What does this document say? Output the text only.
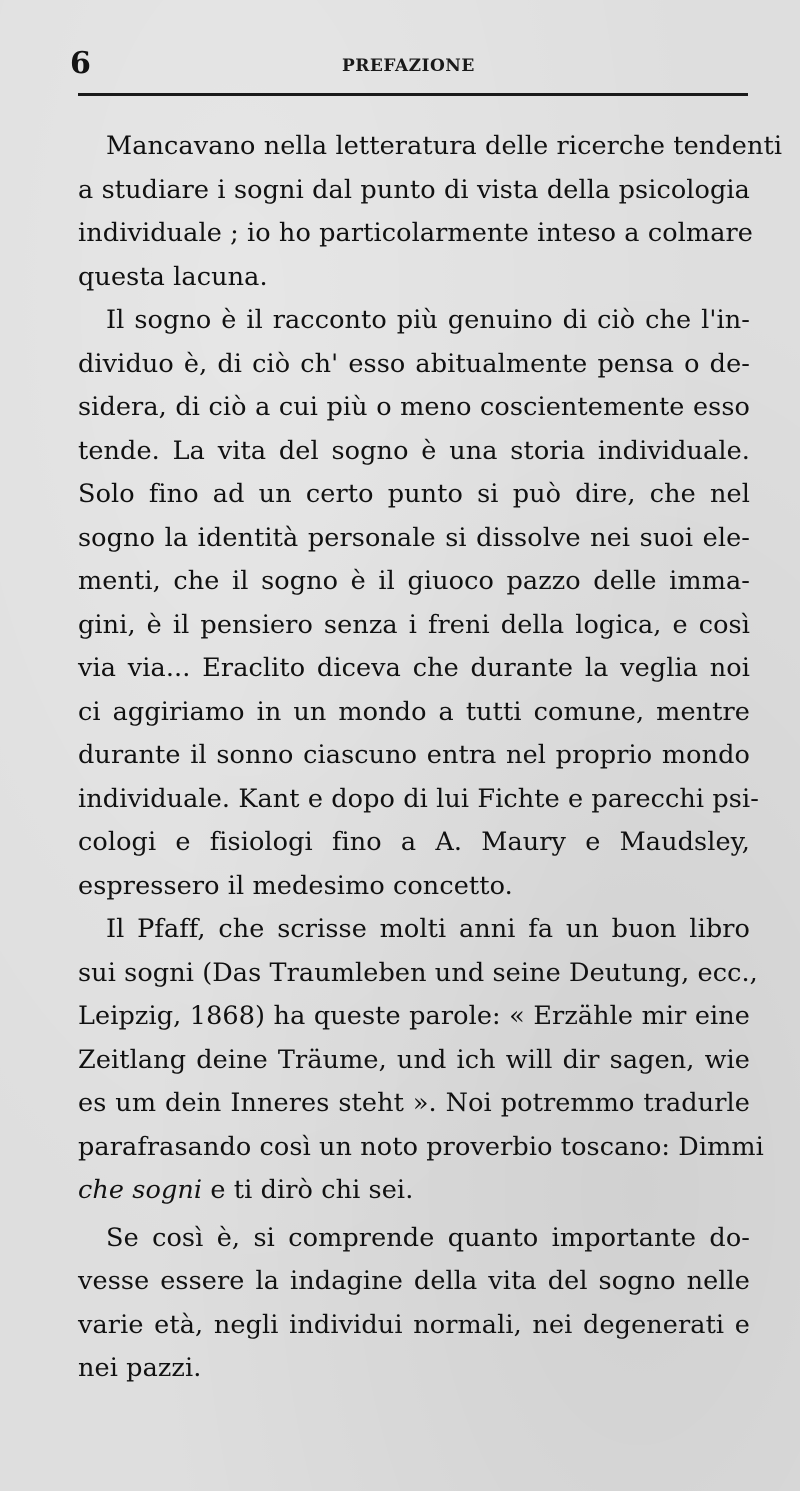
6	PREFAZIONE
Mancavano nella letteratura delle ricerche tendenti
a studiare i sogni dal punto di vista della psicologia
individuale ; io ho particolarmente inteso a colmare
questa lacuna.
Il sogno è il racconto più genuino di ciò che l'in-
dividuo è, di ciò ch' esso abitualmente pensa o de-
sidera, di ciò a cui più o meno coscientemente esso
tende. La vita del sogno è una storia individuale.
Solo fino ad un certo punto si può dire, che nel
sogno la identità personale si dissolve nei suoi ele-
menti, che il sogno è il giuoco pazzo delle imma-
gini, è il pensiero senza i freni della logica, e così
via via... Eraclito diceva che durante la veglia noi
ci aggiriamo in un mondo a tutti comune, mentre
durante il sonno ciascuno entra nel proprio mondo
individuale. Kant e dopo di lui Fichte e parecchi psi-
cologi e fisiologi fino a A. Maury e Maudsley,
espressero il medesimo concetto.
Il Pfaff, che scrisse molti anni fa un buon libro
sui sogni (Das Traumleben und seine Deutung, ecc.,
Leipzig, 1868) ha queste parole: « Erzähle mir eine
Zeitlang deine Träume, und ich will dir sagen, wie
es um dein Inneres steht ». Noi potremmo tradurle
parafrasando così un noto proverbio toscano: Dimmi
che sogni e ti dirò chi sei.
Se così è, si comprende quanto importante do-
vesse essere la indagine della vita del sogno nelle
varie età, negli individui normali, nei degenerati e
nei pazzi.
